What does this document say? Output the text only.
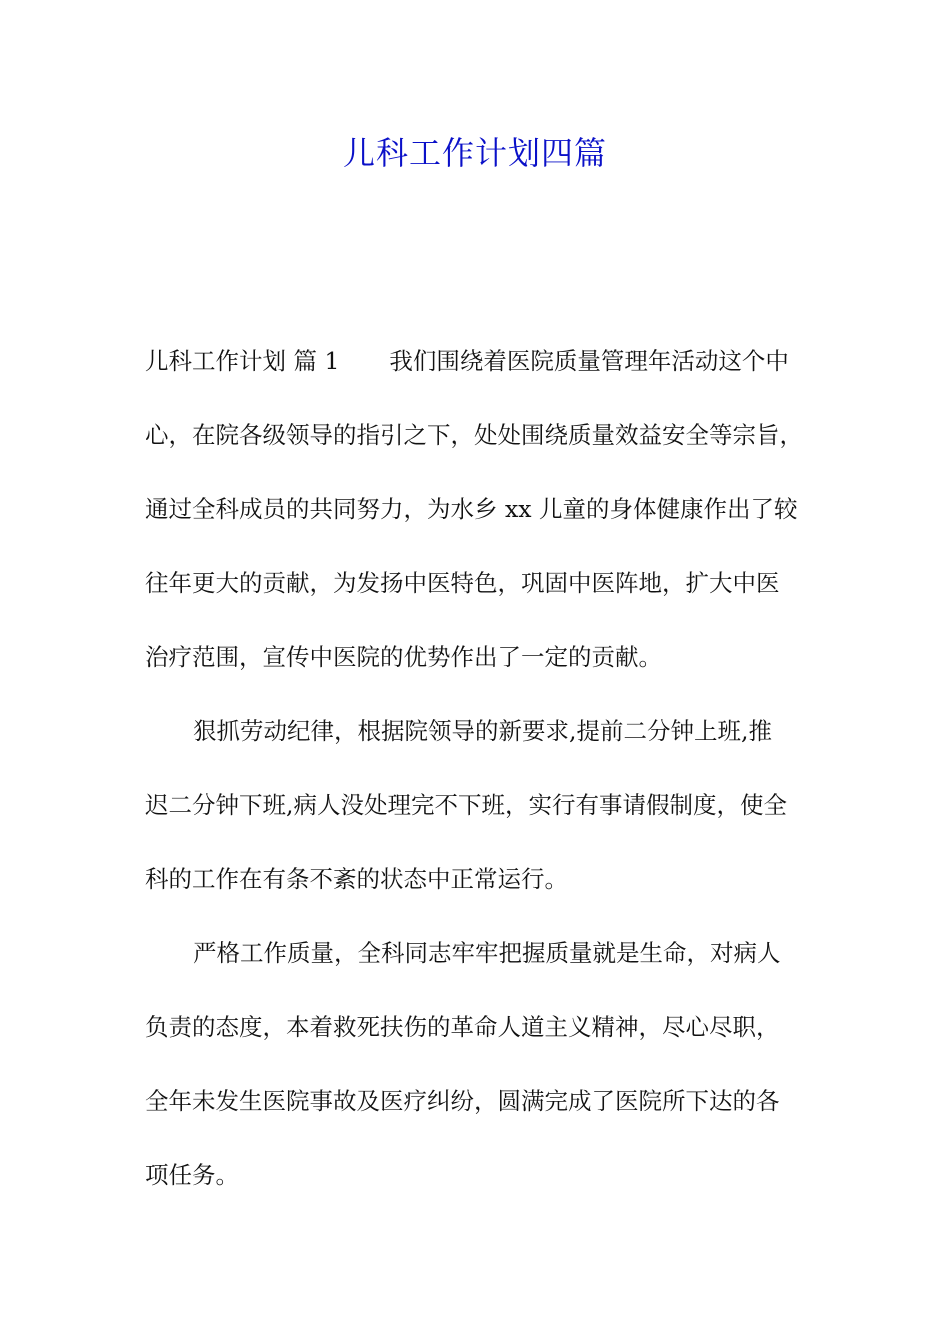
儿科工作计划四篇
儿科工作计划 篇 1 我们围绕着医院质量管理年活动这个中
心，在院各级领导的指引之下，处处围绕质量效益安全等宗旨，
通过全科成员的共同努力，为水乡 xx 儿童的身体健康作出了较
往年更大的贡献，为发扬中医特色，巩固中医阵地，扩大中医
治疗范围，宣传中医院的优势作出了一定的贡献。
狠抓劳动纪律，根据院领导的新要求,提前二分钟上班,推
迟二分钟下班,病人没处理完不下班，实行有事请假制度，使全
科的工作在有条不紊的状态中正常运行。
严格工作质量，全科同志牢牢把握质量就是生命，对病人
负责的态度，本着救死扶伤的革命人道主义精神，尽心尽职，
全年未发生医院事故及医疗纠纷，圆满完成了医院所下达的各
项任务。
